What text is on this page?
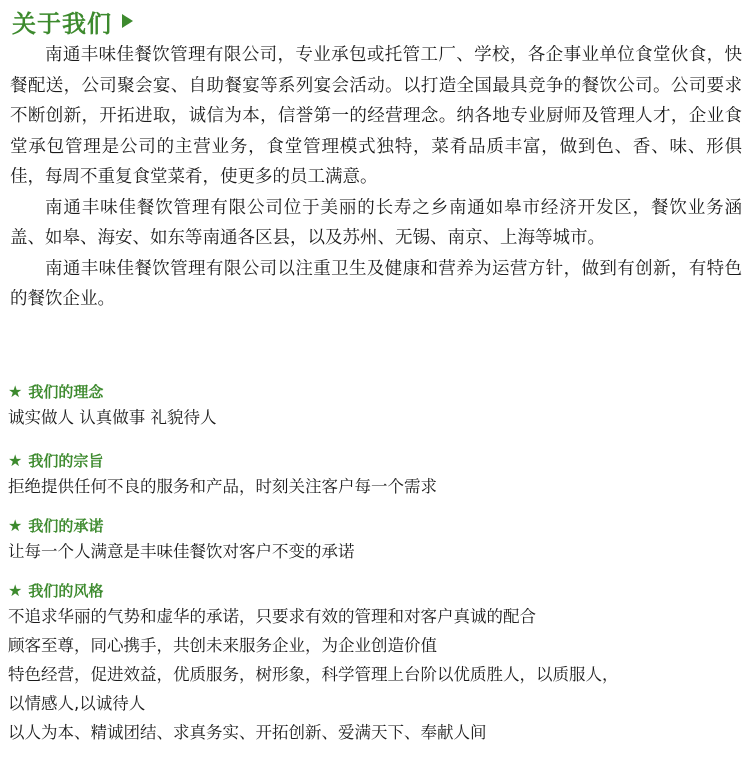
关于我们

南通丰味佳餐饮管理有限公司，专业承包或托管工厂、学校，各企事业单位食堂伙食，快餐配送，公司聚会宴、自助餐宴等系列宴会活动。以打造全国最具竞争的餐饮公司。公司要求不断创新，开拓进取，诚信为本，信誉第一的经营理念。纳各地专业厨师及管理人才，企业食堂承包管理是公司的主营业务，食堂管理模式独特，菜肴品质丰富，做到色、香、味、形俱佳，每周不重复食堂菜肴，使更多的员工满意。

南通丰味佳餐饮管理有限公司位于美丽的长寿之乡南通如皋市经济开发区，餐饮业务涵盖、如皋、海安、如东等南通各区县，以及苏州、无锡、南京、上海等城市。

南通丰味佳餐饮管理有限公司以注重卫生及健康和营养为运营方针，做到有创新，有特色的餐饮企业。

★ 我们的理念

诚实做人 认真做事 礼貌待人

★ 我们的宗旨

拒绝提供任何不良的服务和产品，时刻关注客户每一个需求

★ 我们的承诺

让每一个人满意是丰味佳餐饮对客户不变的承诺

★ 我们的风格

不追求华丽的气势和虚华的承诺，只要求有效的管理和对客户真诚的配合
顾客至尊，同心携手，共创未来服务企业，为企业创造价值
特色经营，促进效益，优质服务，树形象，科学管理上台阶以优质胜人，以质服人，
以情感人,以诚待人
以人为本、精诚团结、求真务实、开拓创新、爱满天下、奉献人间
